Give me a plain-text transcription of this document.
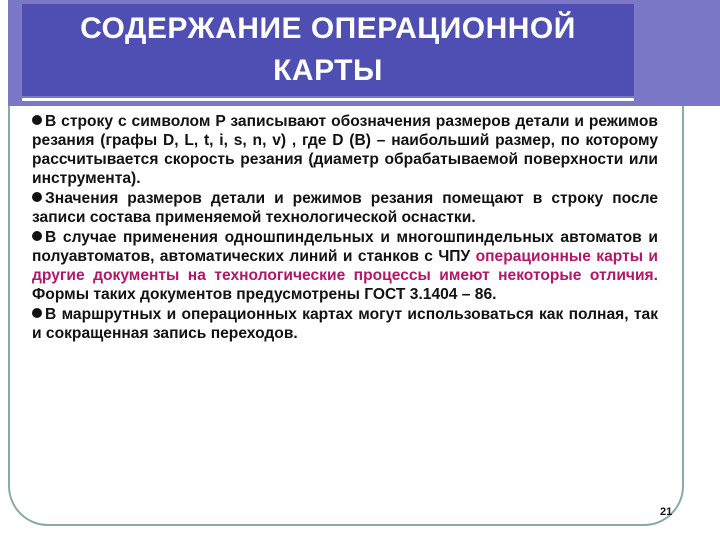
СОДЕРЖАНИЕ ОПЕРАЦИОННОЙ
КАРТЫ

В строку с символом P записывают обозначения размеров детали и режимов резания (графы D, L, t, i, s, n, v) , где D (B) – наибольший размер, по которому рассчитывается скорость резания (диаметр обрабатываемой поверхности или инструмента).

Значения размеров детали и режимов резания помещают в строку после записи состава применяемой технологической оснастки.

В случае применения одношпиндельных и многошпиндельных автоматов и полуавтоматов, автоматических линий и станков с ЧПУ операционные карты и другие документы на технологические процессы имеют некоторые отличия. Формы таких документов предусмотрены ГОСТ 3.1404 – 86.

В маршрутных и операционных картах могут использоваться как полная, так и сокращенная запись переходов.

21
